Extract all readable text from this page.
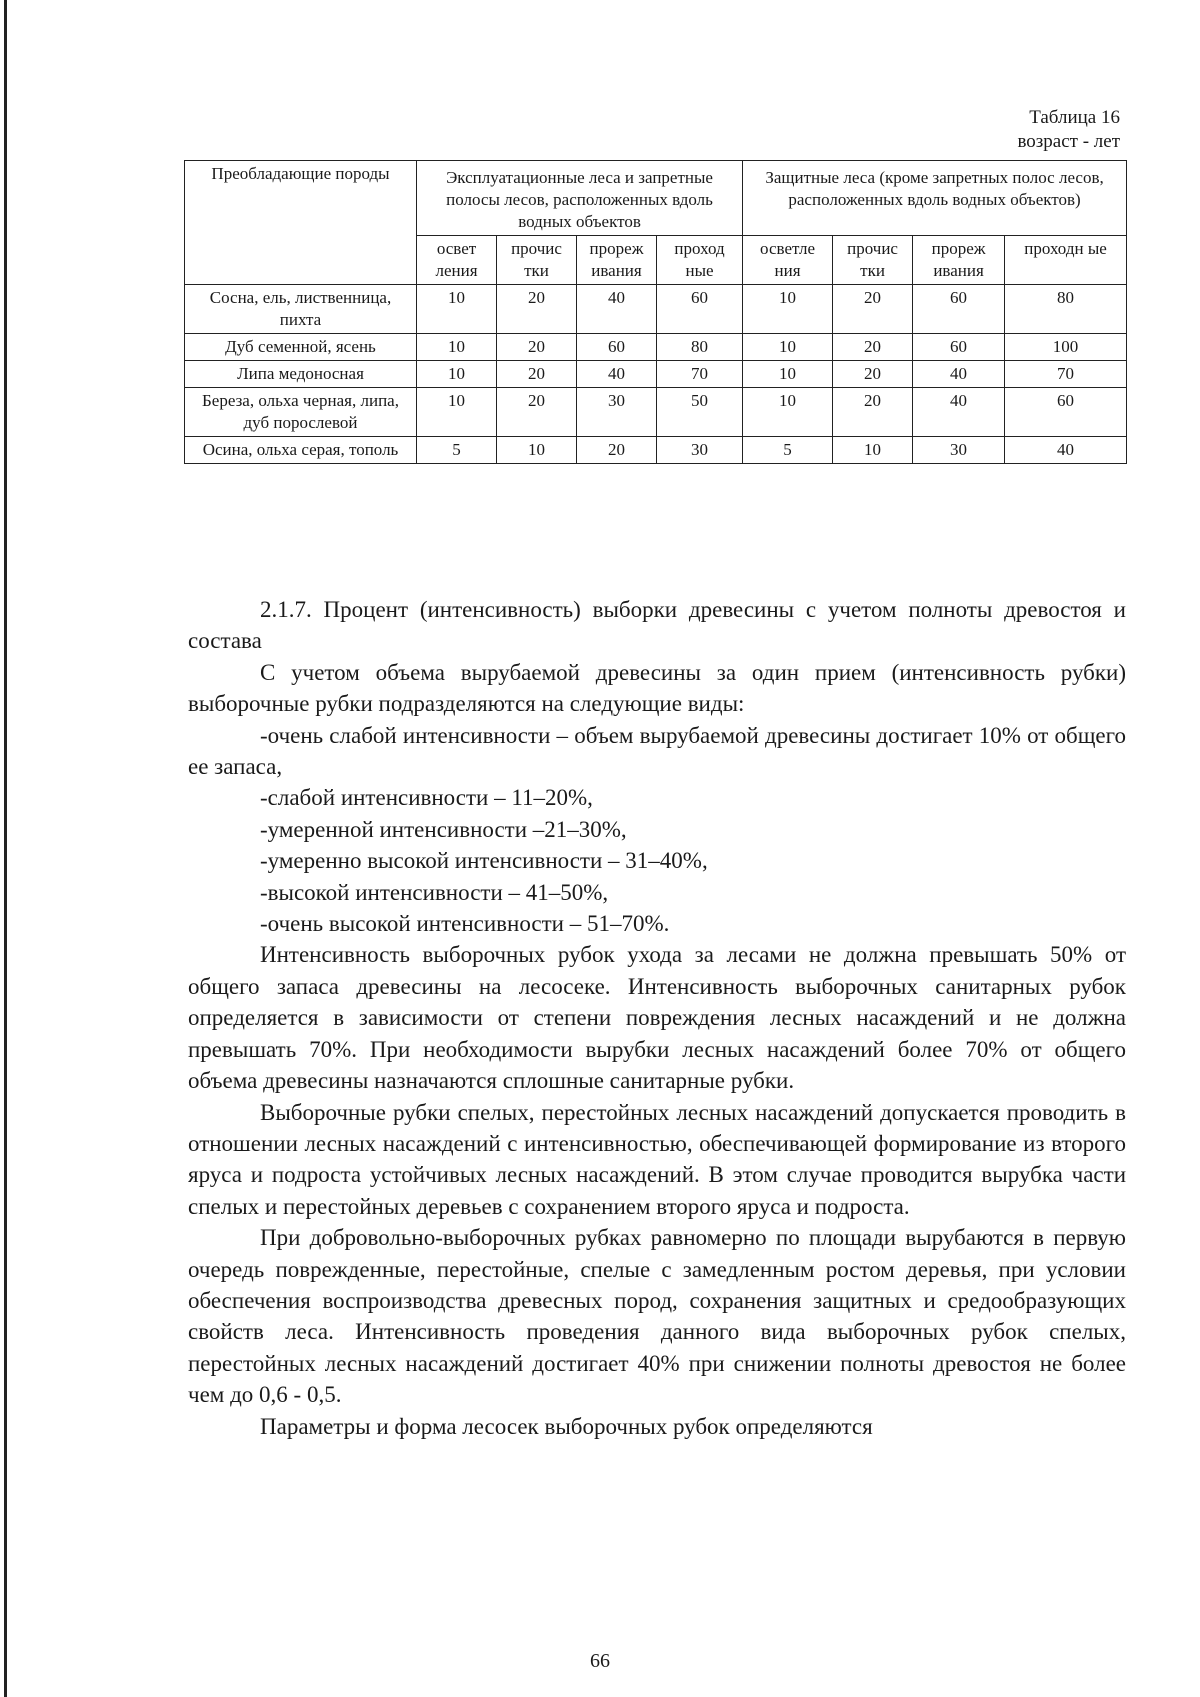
Таблица 16
возраст - лет
Преобладающие породы	Эксплуатационные леса и запретные полосы лесов, расположенных вдоль водных объектов				Защитные леса (кроме запретных полос лесов, расположенных вдоль водных объектов)			
	освет ления	прочис тки	прореж ивания	проход ные	осветле ния	прочис тки	прореж ивания	проходн ые
Сосна, ель, лиственница, пихта	10	20	40	60	10	20	60	80
Дуб семенной, ясень	10	20	60	80	10	20	60	100
Липа медоносная	10	20	40	70	10	20	40	70
Береза, ольха черная, липа, дуб порослевой	10	20	30	50	10	20	40	60
Осина, ольха серая, тополь	5	10	20	30	5	10	30	40

2.1.7. Процент (интенсивность) выборки древесины с учетом полноты древостоя и состава

С учетом объема вырубаемой древесины за один прием (интенсивность рубки) выборочные рубки подразделяются на следующие виды:

-очень слабой интенсивности – объем вырубаемой древесины достигает 10% от общего ее запаса,

-слабой интенсивности – 11–20%,

-умеренной интенсивности –21–30%,

-умеренно высокой интенсивности – 31–40%,

-высокой интенсивности – 41–50%,

-очень высокой интенсивности – 51–70%.

Интенсивность выборочных рубок ухода за лесами не должна превышать 50% от общего запаса древесины на лесосеке. Интенсивность выборочных санитарных рубок определяется в зависимости от степени повреждения лесных насаждений и не должна превышать 70%. При необходимости вырубки лесных насаждений более 70% от общего объема древесины назначаются сплошные санитарные рубки.

Выборочные рубки спелых, перестойных лесных насаждений допускается проводить в отношении лесных насаждений с интенсивностью, обеспечивающей формирование из второго яруса и подроста устойчивых лесных насаждений. В этом случае проводится вырубка части спелых и перестойных деревьев с сохранением второго яруса и подроста.

При добровольно-выборочных рубках равномерно по площади вырубаются в первую очередь поврежденные, перестойные, спелые с замедленным ростом деревья, при условии обеспечения воспроизводства древесных пород, сохранения защитных и средообразующих свойств леса. Интенсивность проведения данного вида выборочных рубок спелых, перестойных лесных насаждений достигает 40% при снижении полноты древостоя не более чем до 0,6 - 0,5.

Параметры и форма лесосек выборочных рубок определяются

66
